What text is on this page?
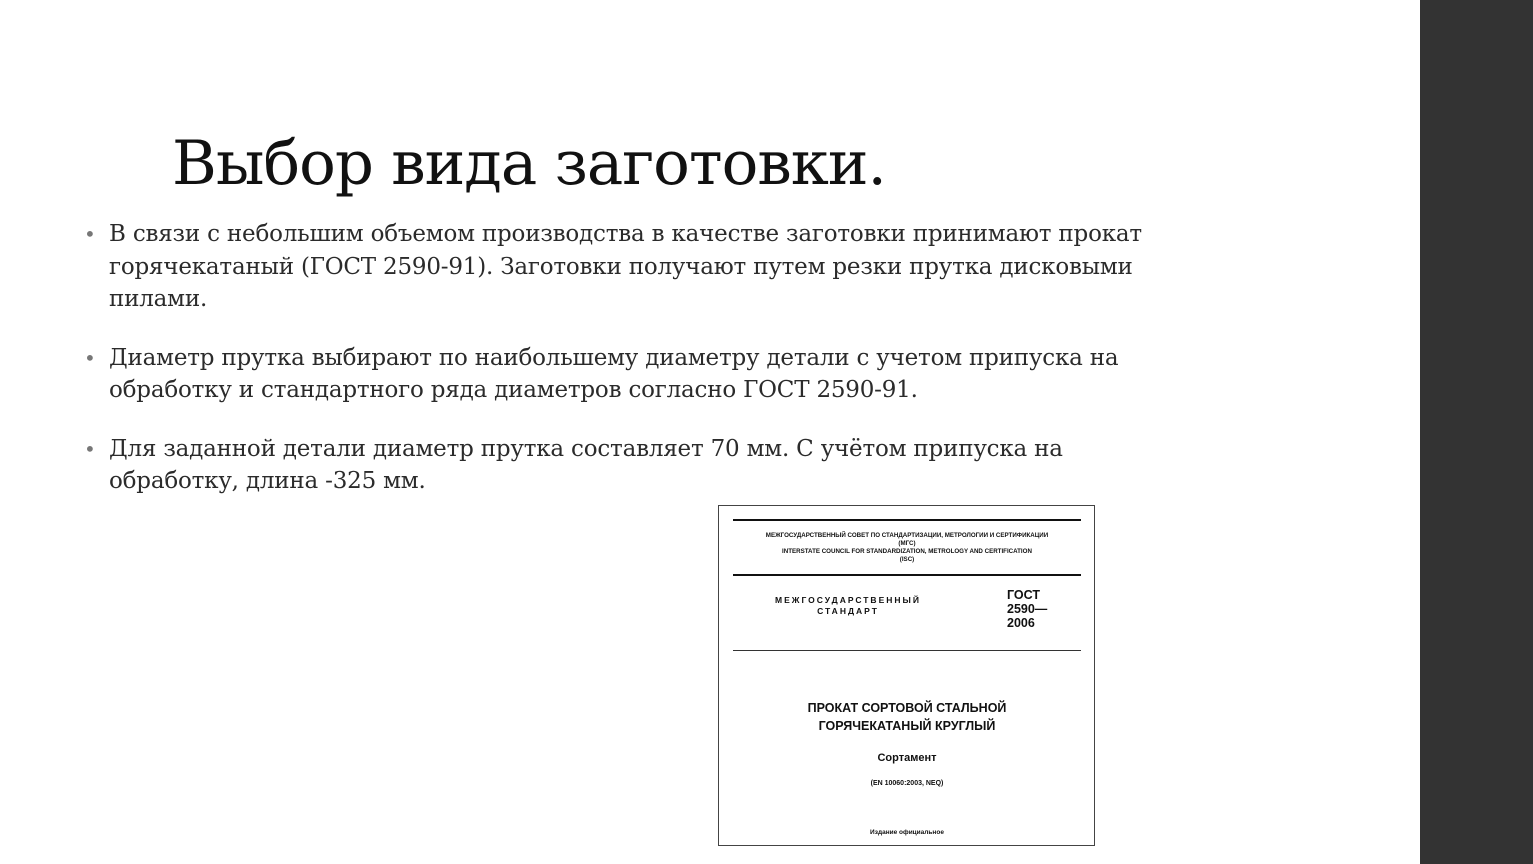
Выбор вида заготовки.
• В связи с небольшим объемом производства в качестве заготовки принимают прокат горячекатаный (ГОСТ 2590-91). Заготовки получают путем резки прутка дисковыми пилами.
• Диаметр прутка выбирают по наибольшему диаметру детали с учетом припуска на обработку и стандартного ряда диаметров согласно ГОСТ 2590-91.
• Для заданной детали диаметр прутка составляет 70 мм. С учётом припуска на обработку, длина -325 мм.
МЕЖГОСУДАРСТВЕННЫЙ СОВЕТ ПО СТАНДАРТИЗАЦИИ, МЕТРОЛОГИИ И СЕРТИФИКАЦИИ
(МГС)
INTERSTATE COUNCIL FOR STANDARDIZATION, METROLOGY AND CERTIFICATION
(ISC)
МЕЖГОСУДАРСТВЕННЫЙ
СТАНДАРТ
ГОСТ
2590—
2006
ПРОКАТ СОРТОВОЙ СТАЛЬНОЙ
ГОРЯЧЕКАТАНЫЙ КРУГЛЫЙ
Сортамент
(EN 10060:2003, NEQ)
Издание официальное
